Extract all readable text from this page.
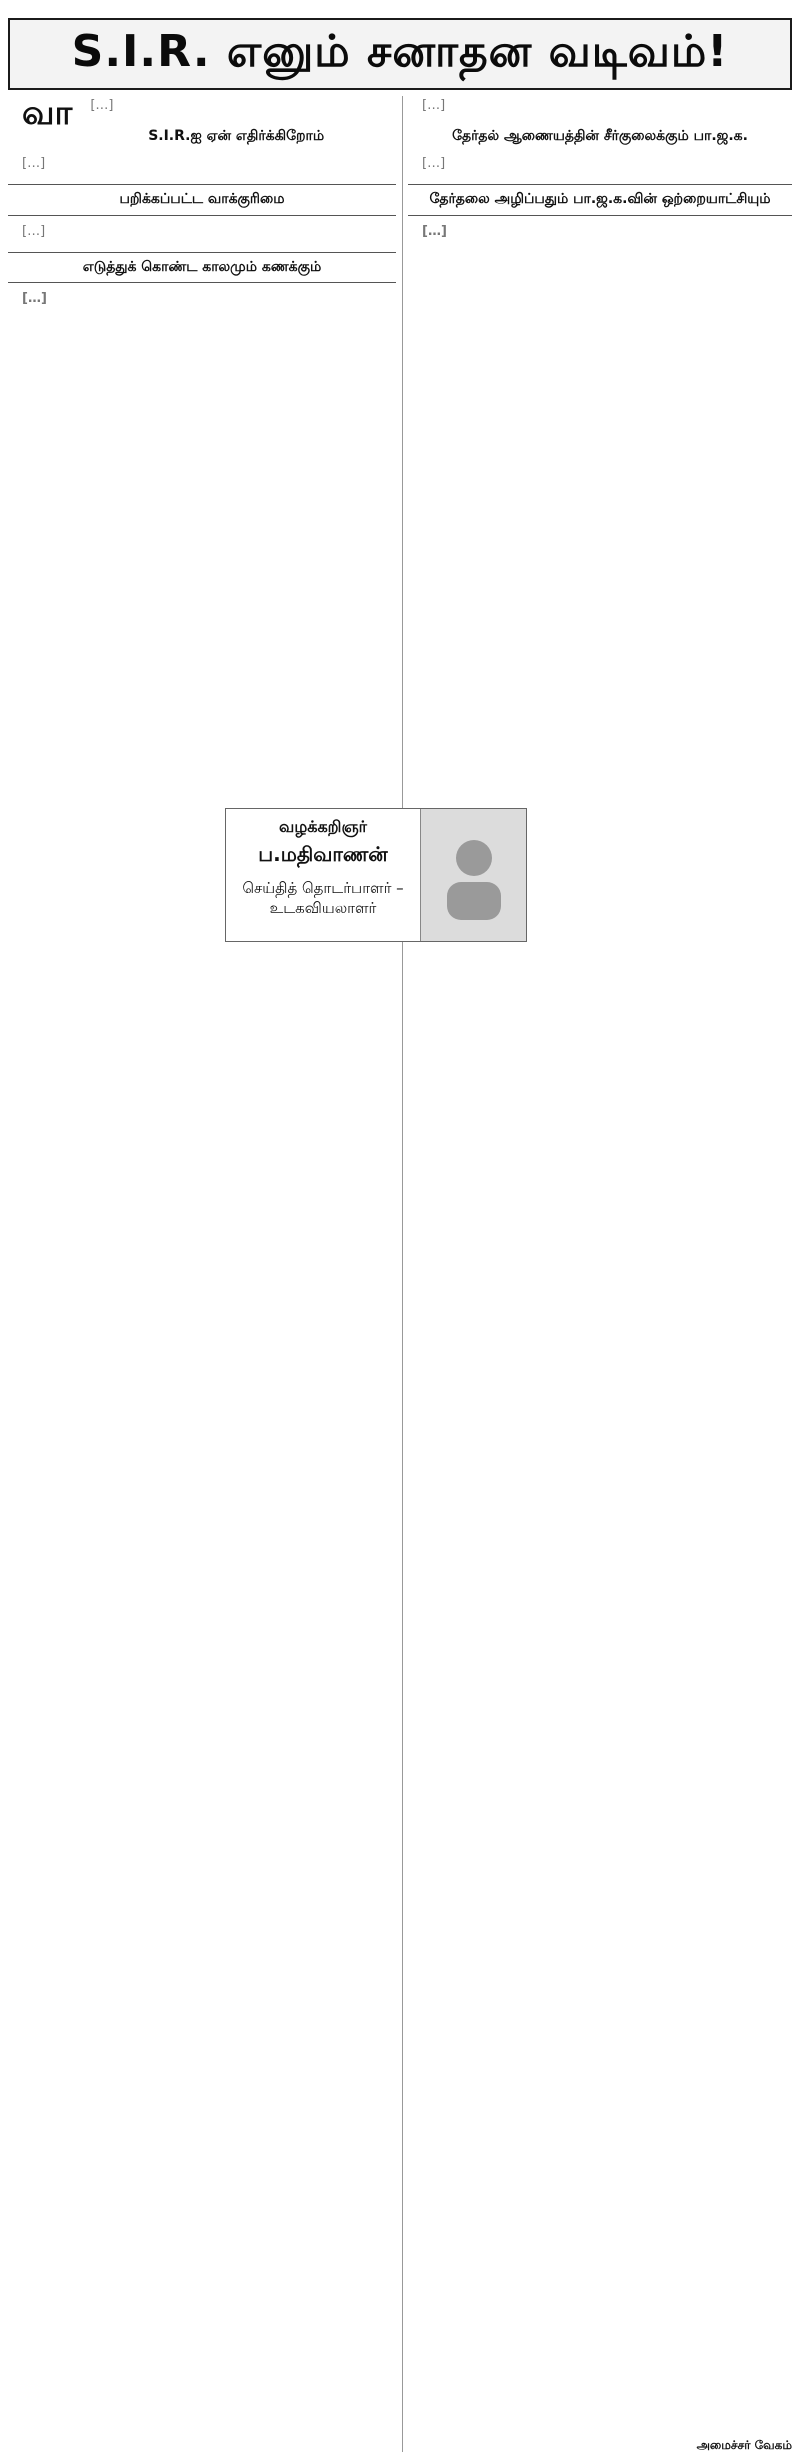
S.I.R. எனும் சனாதன வடிவம்!

வா […]

S.I.R.ஐ ஏன் எதிர்க்கிறோம்

[…]

பறிக்கப்பட்ட வாக்குரிமை

[…]

எடுத்துக் கொண்ட காலமும் கணக்கும்

[…]

[…]

தேர்தல் ஆணையத்தின் சீர்குலைக்கும் பா.ஜ.க.

[…]

தேர்தலை அழிப்பதும் பா.ஜ.க.வின் ஒற்றையாட்சியும்

[…]

வழக்கறிஞர்
ப.மதிவாணன்
செய்தித் தொடர்பாளர் – உடகவியலாளர்
அமைச்சர் வேகம்
